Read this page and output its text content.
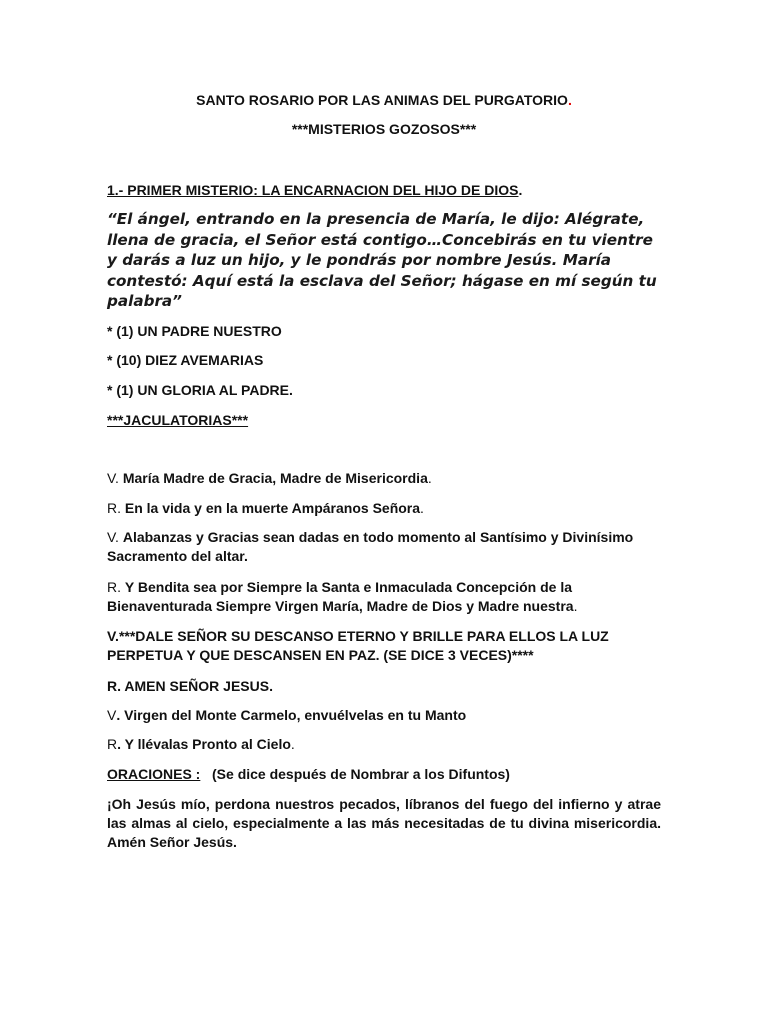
SANTO ROSARIO POR LAS ANIMAS DEL PURGATORIO.
***MISTERIOS GOZOSOS***
1.- PRIMER MISTERIO: LA ENCARNACION DEL HIJO DE DIOS.
“El ángel, entrando en la presencia de María, le dijo: Alégrate, llena de gracia, el Señor está contigo…Concebirás en tu vientre y darás a luz un hijo, y le pondrás por nombre Jesús. María contestó: Aquí está la esclava del Señor; hágase en mí según tu palabra”
* (1) UN PADRE NUESTRO
* (10) DIEZ AVEMARIAS
* (1) UN GLORIA AL PADRE.
***JACULATORIAS***
V. María Madre de Gracia, Madre de Misericordia.
R. En la vida y en la muerte Ampáranos Señora.
V. Alabanzas y Gracias sean dadas en todo momento al Santísimo y Divinísimo Sacramento del altar.
R. Y Bendita sea por Siempre la Santa e Inmaculada Concepción de la Bienaventurada Siempre Virgen María, Madre de Dios y Madre nuestra.
V.***DALE SEÑOR SU DESCANSO ETERNO Y BRILLE PARA ELLOS LA LUZ PERPETUA Y QUE DESCANSEN EN PAZ. (SE DICE 3 VECES)****
R. AMEN SEÑOR JESUS.
V. Virgen del Monte Carmelo, envuélvelas en tu Manto
R. Y llévalas Pronto al Cielo.
ORACIONES : (Se dice después de Nombrar a los Difuntos)
¡Oh Jesús mío, perdona nuestros pecados, líbranos del fuego del infierno y atrae las almas al cielo, especialmente a las más necesitadas de tu divina misericordia. Amén Señor Jesús.
